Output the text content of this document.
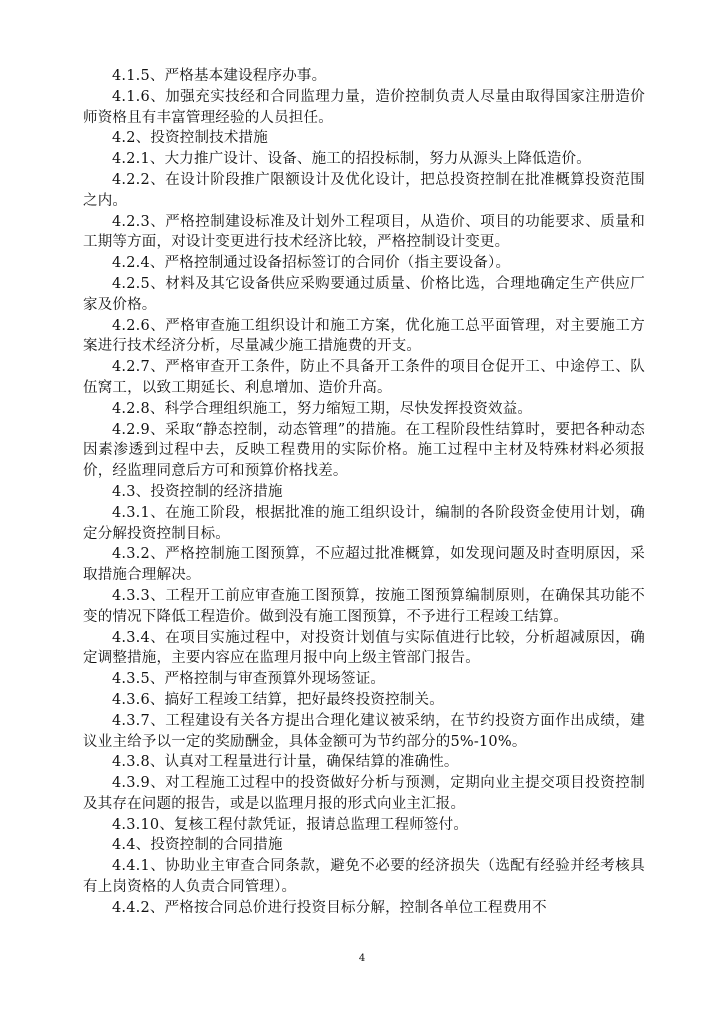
4.1.5、严格基本建设程序办事。

4.1.6、加强充实技经和合同监理力量，造价控制负责人尽量由取得国家注册造价师资格且有丰富管理经验的人员担任。

4.2、投资控制技术措施

4.2.1、大力推广设计、设备、施工的招投标制，努力从源头上降低造价。

4.2.2、在设计阶段推广限额设计及优化设计，把总投资控制在批准概算投资范围之内。

4.2.3、严格控制建设标准及计划外工程项目，从造价、项目的功能要求、质量和工期等方面，对设计变更进行技术经济比较，严格控制设计变更。

4.2.4、严格控制通过设备招标签订的合同价（指主要设备）。

4.2.5、材料及其它设备供应采购要通过质量、价格比选，合理地确定生产供应厂家及价格。

4.2.6、严格审查施工组织设计和施工方案，优化施工总平面管理，对主要施工方案进行技术经济分析，尽量减少施工措施费的开支。

4.2.7、严格审查开工条件，防止不具备开工条件的项目仓促开工、中途停工、队伍窝工，以致工期延长、利息增加、造价升高。

4.2.8、科学合理组织施工，努力缩短工期，尽快发挥投资效益。

4.2.9、采取“静态控制，动态管理”的措施。在工程阶段性结算时，要把各种动态因素渗透到过程中去，反映工程费用的实际价格。施工过程中主材及特殊材料必须报价，经监理同意后方可和预算价格找差。

4.3、投资控制的经济措施

4.3.1、在施工阶段，根据批准的施工组织设计，编制的各阶段资金使用计划，确定分解投资控制目标。

4.3.2、严格控制施工图预算，不应超过批准概算，如发现问题及时查明原因，采取措施合理解决。

4.3.3、工程开工前应审查施工图预算，按施工图预算编制原则，在确保其功能不变的情况下降低工程造价。做到没有施工图预算，不予进行工程竣工结算。

4.3.4、在项目实施过程中，对投资计划值与实际值进行比较，分析超减原因，确定调整措施，主要内容应在监理月报中向上级主管部门报告。

4.3.5、严格控制与审查预算外现场签证。

4.3.6、搞好工程竣工结算，把好最终投资控制关。

4.3.7、工程建设有关各方提出合理化建议被采纳，在节约投资方面作出成绩，建议业主给予以一定的奖励酬金，具体金额可为节约部分的5%-10%。

4.3.8、认真对工程量进行计量，确保结算的准确性。

4.3.9、对工程施工过程中的投资做好分析与预测，定期向业主提交项目投资控制及其存在问题的报告，或是以监理月报的形式向业主汇报。

4.3.10、复核工程付款凭证，报请总监理工程师签付。

4.4、投资控制的合同措施

4.4.1、协助业主审查合同条款，避免不必要的经济损失（选配有经验并经考核具有上岗资格的人负责合同管理）。

4.4.2、严格按合同总价进行投资目标分解，控制各单位工程费用不

4
